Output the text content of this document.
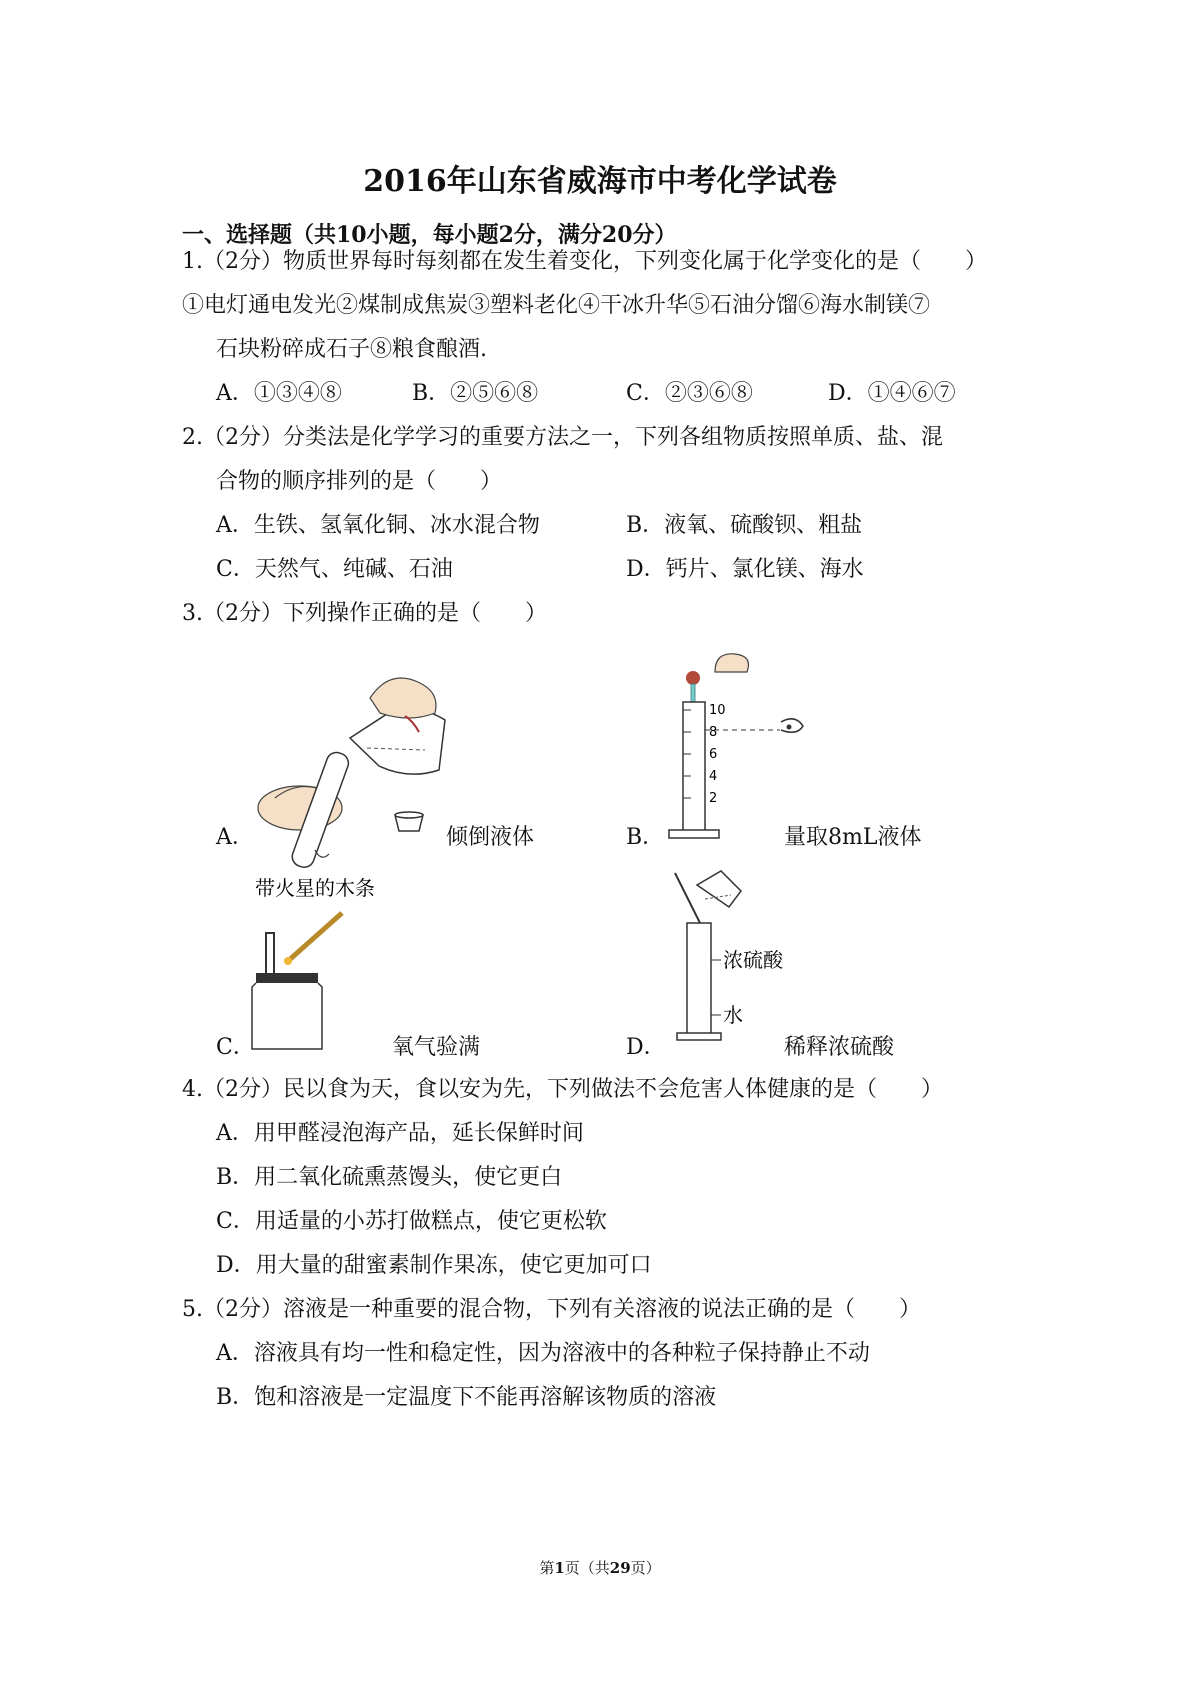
2016年山东省威海市中考化学试卷
一、选择题（共10小题，每小题2分，满分20分）
1.（2分）物质世界每时每刻都在发生着变化，下列变化属于化学变化的是（　　）
①电灯通电发光②煤制成焦炭③塑料老化④干冰升华⑤石油分馏⑥海水制镁⑦
石块粉碎成石子⑧粮食酿酒.
A．①③④⑧	B．②⑤⑥⑧	C．②③⑥⑧	D．①④⑥⑦
2.（2分）分类法是化学学习的重要方法之一，下列各组物质按照单质、盐、混
合物的顺序排列的是（　　）
A．生铁、氢氧化铜、冰水混合物	B．液氧、硫酸钡、粗盐
C．天然气、纯碱、石油	D．钙片、氯化镁、海水
3.（2分）下列操作正确的是（　　）
A．	倾倒液体
10
8
6
4
2
B．	量取8mL液体
带火星的木条
C．	氧气验满
浓硫酸
水
D．	稀释浓硫酸
4.（2分）民以食为天，食以安为先，下列做法不会危害人体健康的是（　　）
A．用甲醛浸泡海产品，延长保鲜时间
B．用二氧化硫熏蒸馒头，使它更白
C．用适量的小苏打做糕点，使它更松软
D．用大量的甜蜜素制作果冻，使它更加可口
5.（2分）溶液是一种重要的混合物，下列有关溶液的说法正确的是（　　）
A．溶液具有均一性和稳定性，因为溶液中的各种粒子保持静止不动
B．饱和溶液是一定温度下不能再溶解该物质的溶液
第1页（共29页）
